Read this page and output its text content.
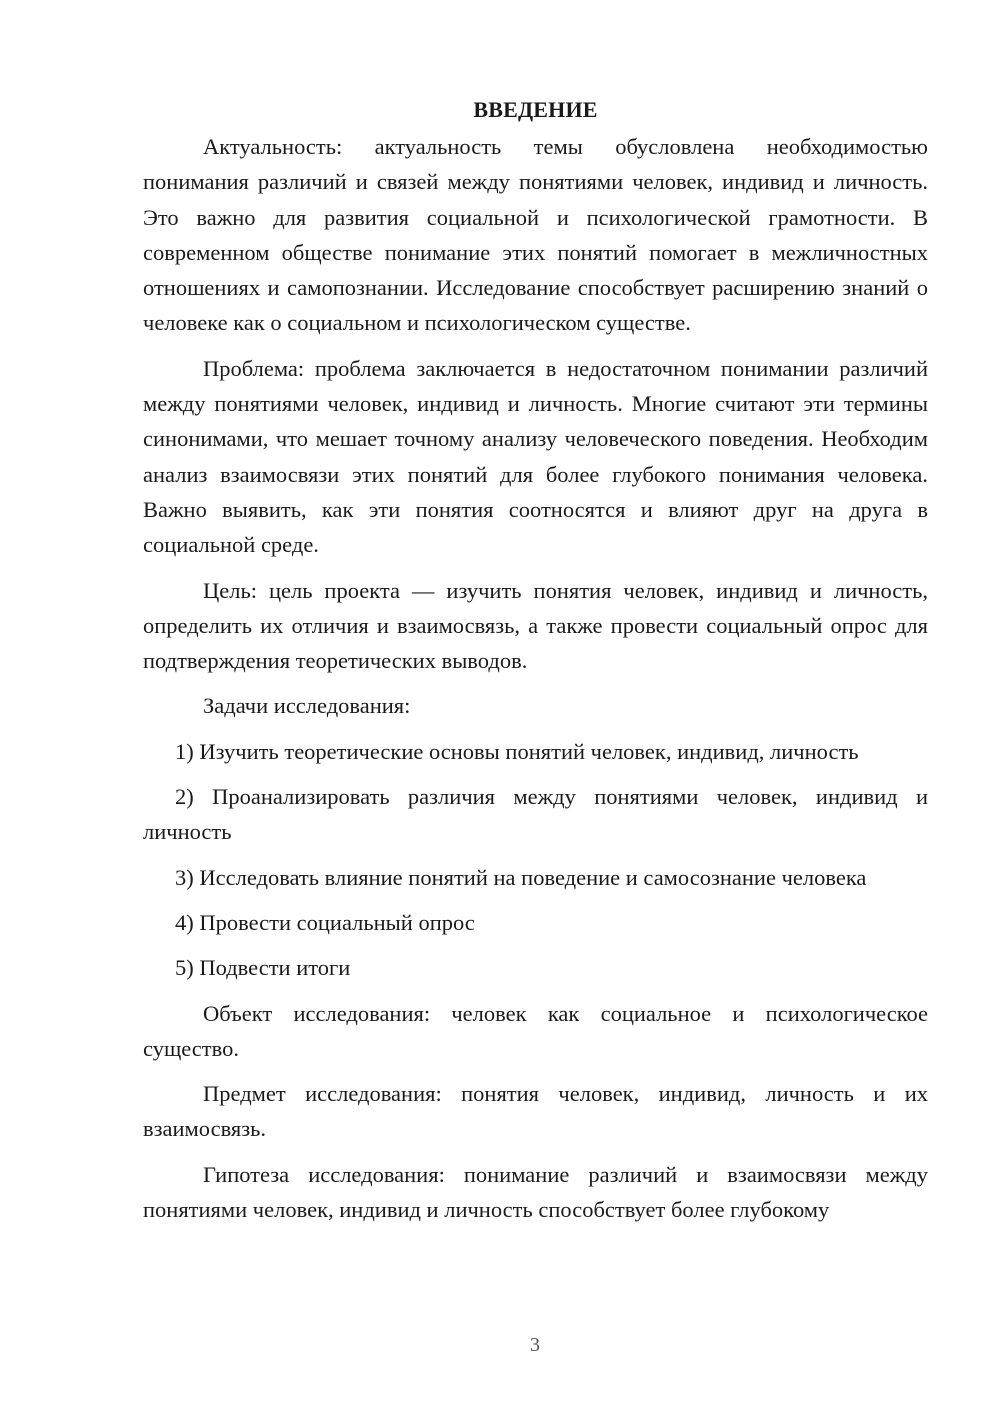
ВВЕДЕНИЕ

Актуальность: актуальность темы обусловлена необходимостью понимания различий и связей между понятиями человек, индивид и личность. Это важно для развития социальной и психологической грамотности. В современном обществе понимание этих понятий помогает в межличностных отношениях и самопознании. Исследование способствует расширению знаний о человеке как о социальном и психологическом существе.

Проблема: проблема заключается в недостаточном понимании различий между понятиями человек, индивид и личность. Многие считают эти термины синонимами, что мешает точному анализу человеческого поведения. Необходим анализ взаимосвязи этих понятий для более глубокого понимания человека. Важно выявить, как эти понятия соотносятся и влияют друг на друга в социальной среде.

Цель: цель проекта — изучить понятия человек, индивид и личность, определить их отличия и взаимосвязь, а также провести социальный опрос для подтверждения теоретических выводов.

Задачи исследования:

1) Изучить теоретические основы понятий человек, индивид, личность

2) Проанализировать различия между понятиями человек, индивид и личность

3) Исследовать влияние понятий на поведение и самосознание человека

4) Провести социальный опрос

5) Подвести итоги

Объект исследования: человек как социальное и психологическое существо.

Предмет исследования: понятия человек, индивид, личность и их взаимосвязь.

Гипотеза исследования: понимание различий и взаимосвязи между понятиями человек, индивид и личность способствует более глубокому

3
